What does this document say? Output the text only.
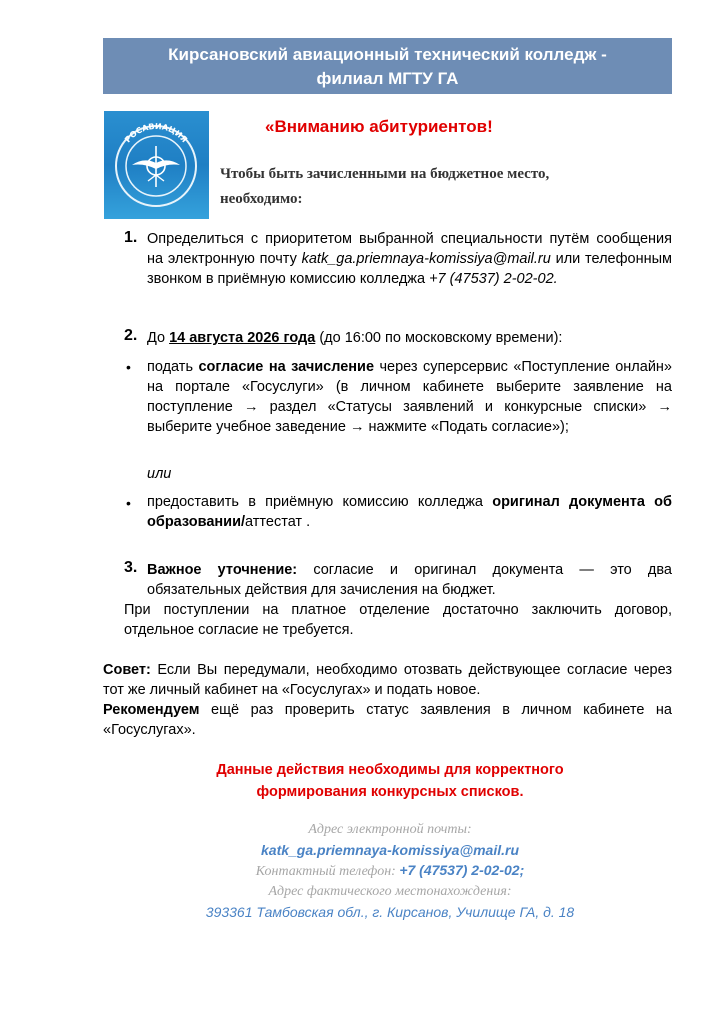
Кирсановский авиационный технический колледж -
филиал МГТУ ГА
РОСАВИАЦИЯ
· · · · · · · · · · · · · · · · ·
«Вниманию абитуриентов!
Чтобы быть зачисленными на бюджетное место, необходимо:
1. Определиться с приоритетом выбранной специальности путём сообщения на электронную почту katk_ga.priemnaya-komissiya@mail.ru или телефонным звонком в приёмную комиссию колледжа +7 (47537) 2-02-02.
2. До 14 августа 2026 года (до 16:00 по московскому времени):
• подать согласие на зачисление через суперсервис «Поступление онлайн» на портале «Госуслуги» (в личном кабинете выберите заявление на поступление → раздел «Статусы заявлений и конкурсные списки» → выберите учебное заведение → нажмите «Подать согласие»);
или
• предоставить в приёмную комиссию колледжа оригинал документа об образовании/аттестат .
3. Важное уточнение: согласие и оригинал документа — это два обязательных действия для зачисления на бюджет.
При поступлении на платное отделение достаточно заключить договор, отдельное согласие не требуется.
Совет: Если Вы передумали, необходимо отозвать действующее согласие через тот же личный кабинет на «Госуслугах» и подать новое.
Рекомендуем ещё раз проверить статус заявления в личном кабинете на «Госуслугах».
Данные действия необходимы для корректного
формирования конкурсных списков.
Адрес электронной почты:
katk_ga.priemnaya-komissiya@mail.ru
Контактный телефон: +7 (47537) 2-02-02;
Адрес фактического местонахождения:
393361 Тамбовская обл., г. Кирсанов, Училище ГА, д. 18
